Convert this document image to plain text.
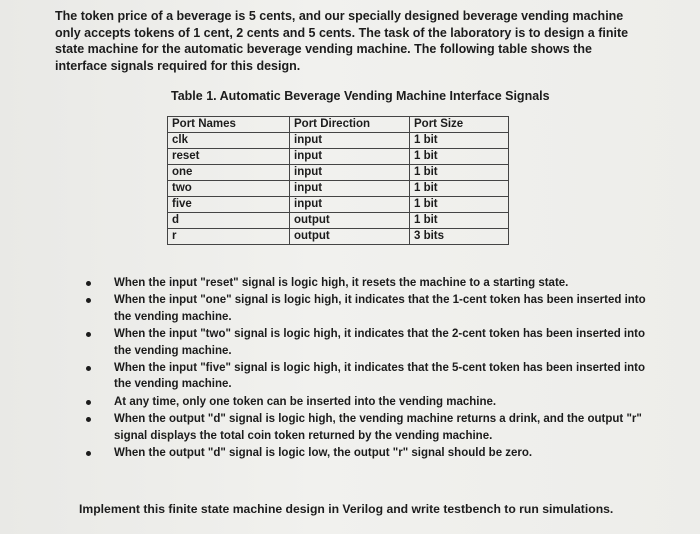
The token price of a beverage is 5 cents, and our specially designed beverage vending machine only accepts tokens of 1 cent, 2 cents and 5 cents. The task of the laboratory is to design a finite state machine for the automatic beverage vending machine. The following table shows the interface signals required for this design.

Table 1. Automatic Beverage Vending Machine Interface Signals

Port Names	Port Direction	Port Size
clk	input	1 bit
reset	input	1 bit
one	input	1 bit
two	input	1 bit
five	input	1 bit
d	output	1 bit
r	output	3 bits
When the input "reset" signal is logic high, it resets the machine to a starting state.
When the input "one" signal is logic high, it indicates that the 1-cent token has been inserted into the vending machine.
When the input "two" signal is logic high, it indicates that the 2-cent token has been inserted into the vending machine.
When the input "five" signal is logic high, it indicates that the 5-cent token has been inserted into the vending machine.
At any time, only one token can be inserted into the vending machine.
When the output "d" signal is logic high, the vending machine returns a drink, and the output "r" signal displays the total coin token returned by the vending machine.
When the output "d" signal is logic low, the output "r" signal should be zero.

Implement this finite state machine design in Verilog and write testbench to run simulations.
